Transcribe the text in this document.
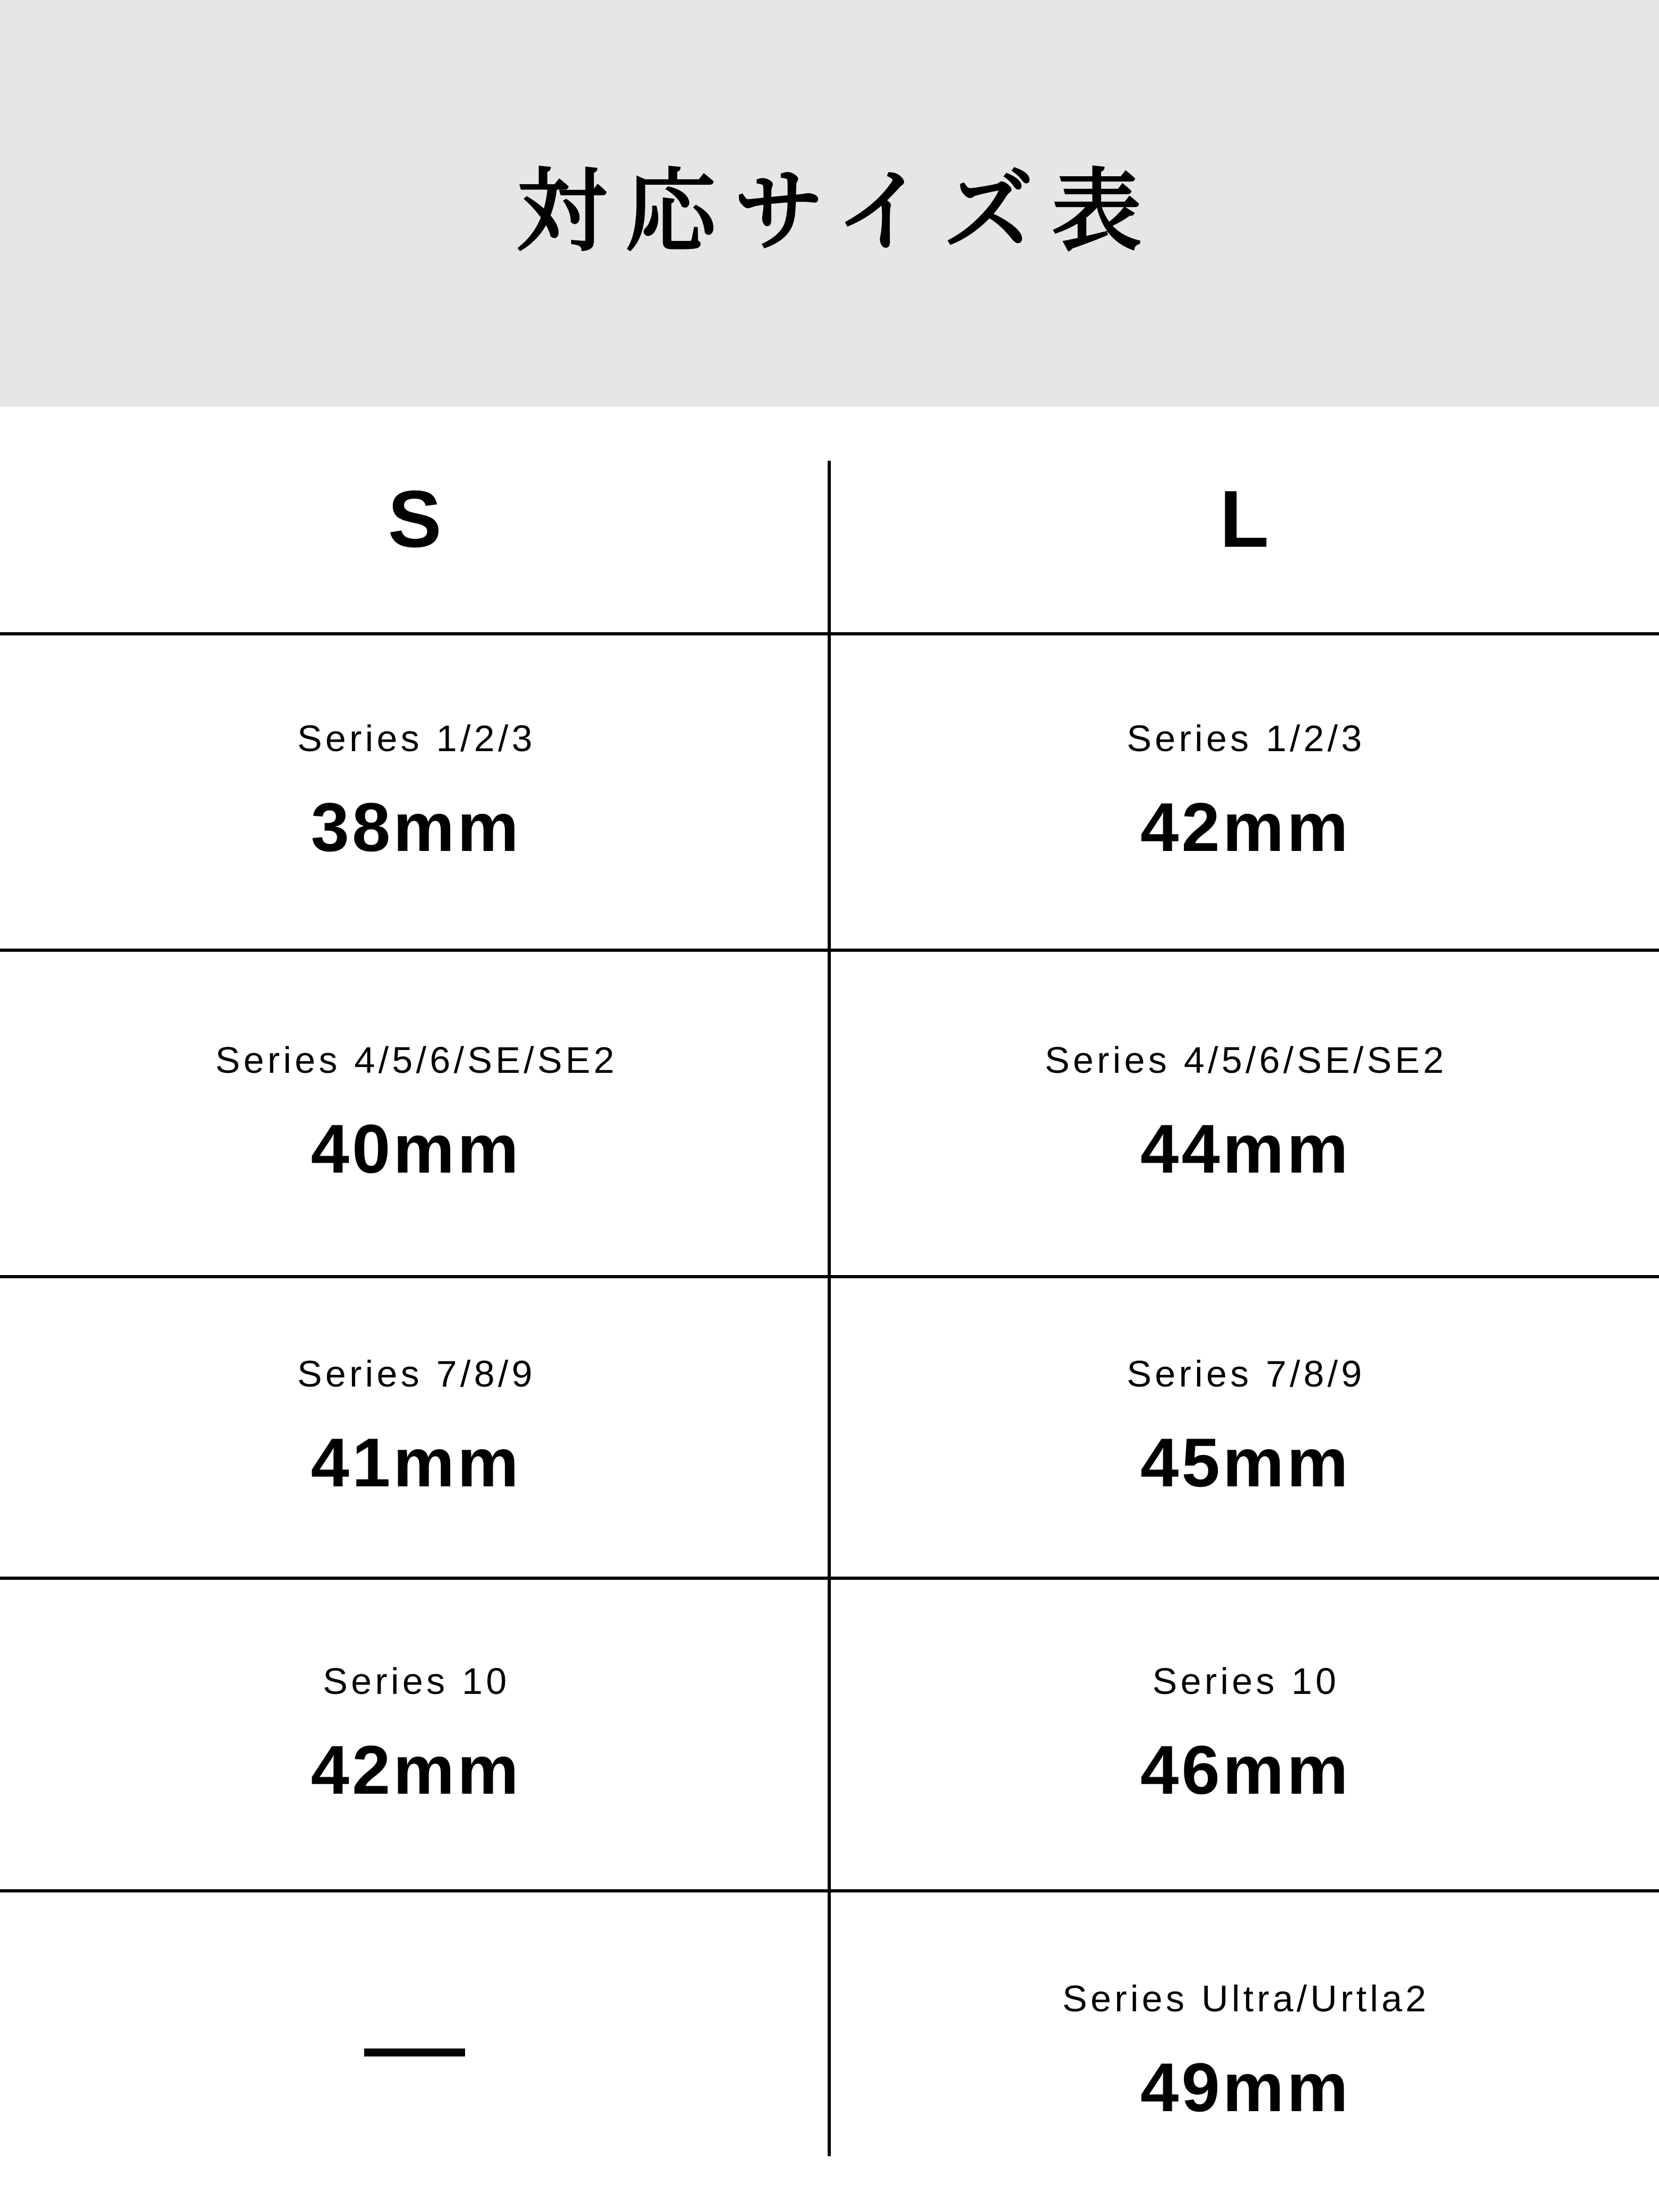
対応サイズ表
S	L
Series 1/2/3
38mm
Series 1/2/3
42mm
Series 4/5/6/SE/SE2
40mm
Series 4/5/6/SE/SE2
44mm
Series 7/8/9
41mm
Series 7/8/9
45mm
Series 10
42mm
Series 10
46mm
Series Ultra/Urtla2
49mm
